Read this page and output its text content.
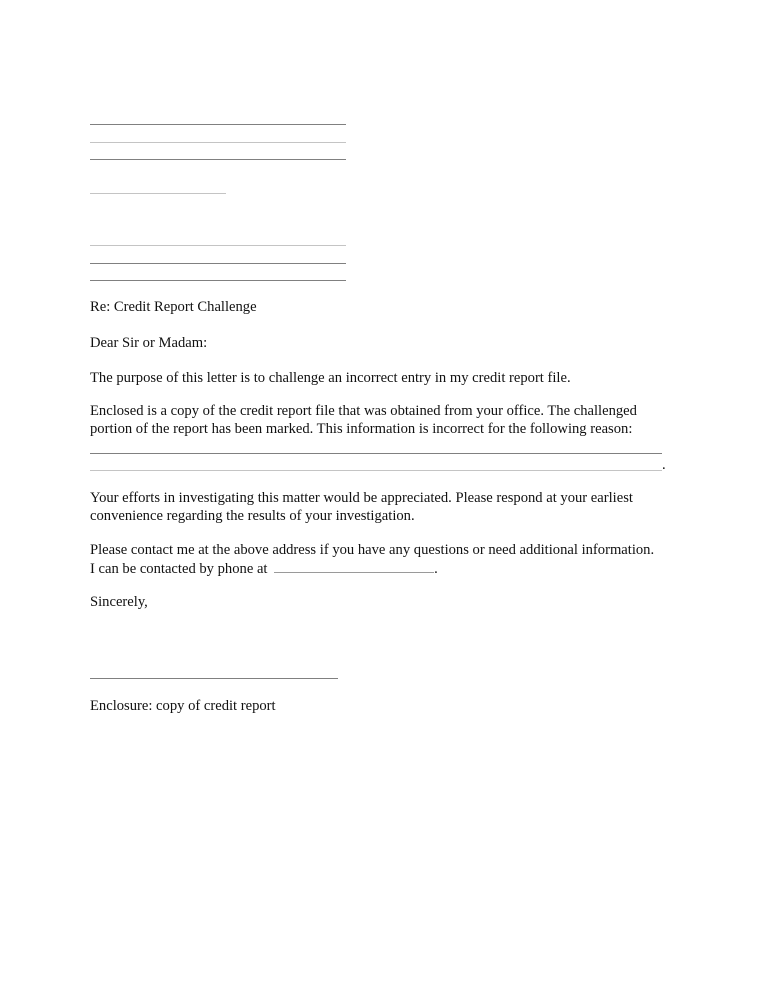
Re: Credit Report Challenge
Dear Sir or Madam:
The purpose of this letter is to challenge an incorrect entry in my credit report file.
Enclosed is a copy of the credit report file that was obtained from your office. The challenged
portion of the report has been marked. This information is incorrect for the following reason:
.
Your efforts in investigating this matter would be appreciated. Please respond at your earliest
convenience regarding the results of your investigation.
Please contact me at the above address if you have any questions or need additional information.
I can be contacted by phone at	.
Sincerely,
Enclosure: copy of credit report
